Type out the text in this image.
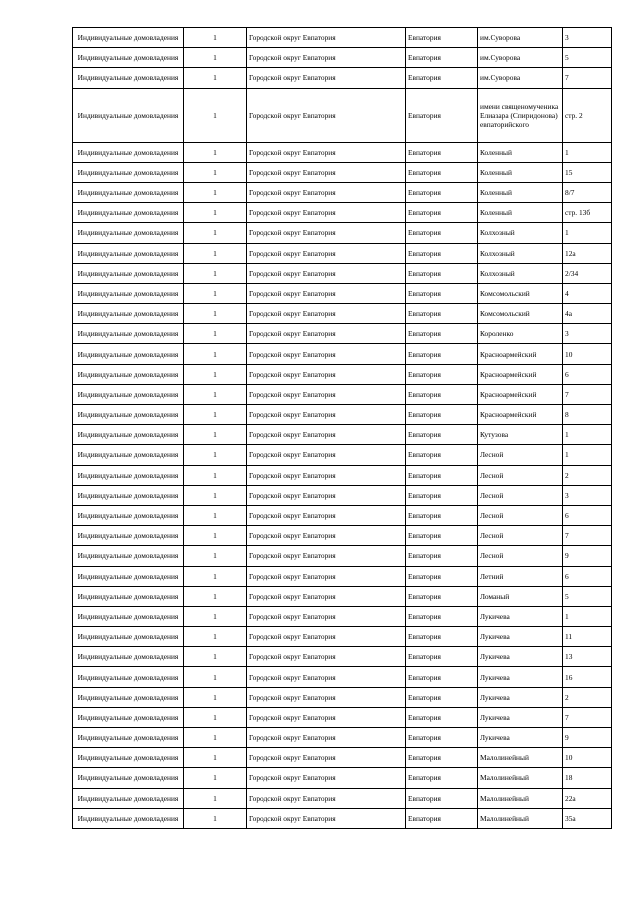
Индивидуальные домовладения	1	Городской округ Евпатория	Евпатория	им.Суворова	3
Индивидуальные домовладения	1	Городской округ Евпатория	Евпатория	им.Суворова	5
Индивидуальные домовладения	1	Городской округ Евпатория	Евпатория	им.Суворова	7
Индивидуальные домовладения	1	Городской округ Евпатория	Евпатория	имени священомученика Елиазара (Спиридонова) евпаторийского	стр. 2
Индивидуальные домовладения	1	Городской округ Евпатория	Евпатория	Коленный	1
Индивидуальные домовладения	1	Городской округ Евпатория	Евпатория	Коленный	15
Индивидуальные домовладения	1	Городской округ Евпатория	Евпатория	Коленный	8/7
Индивидуальные домовладения	1	Городской округ Евпатория	Евпатория	Коленный	стр. 13б
Индивидуальные домовладения	1	Городской округ Евпатория	Евпатория	Колхозный	1
Индивидуальные домовладения	1	Городской округ Евпатория	Евпатория	Колхозный	12а
Индивидуальные домовладения	1	Городской округ Евпатория	Евпатория	Колхозный	2/34
Индивидуальные домовладения	1	Городской округ Евпатория	Евпатория	Комсомольский	4
Индивидуальные домовладения	1	Городской округ Евпатория	Евпатория	Комсомольский	4а
Индивидуальные домовладения	1	Городской округ Евпатория	Евпатория	Короленко	3
Индивидуальные домовладения	1	Городской округ Евпатория	Евпатория	Красноармейский	10
Индивидуальные домовладения	1	Городской округ Евпатория	Евпатория	Красноармейский	6
Индивидуальные домовладения	1	Городской округ Евпатория	Евпатория	Красноармейский	7
Индивидуальные домовладения	1	Городской округ Евпатория	Евпатория	Красноармейский	8
Индивидуальные домовладения	1	Городской округ Евпатория	Евпатория	Кутузова	1
Индивидуальные домовладения	1	Городской округ Евпатория	Евпатория	Лесной	1
Индивидуальные домовладения	1	Городской округ Евпатория	Евпатория	Лесной	2
Индивидуальные домовладения	1	Городской округ Евпатория	Евпатория	Лесной	3
Индивидуальные домовладения	1	Городской округ Евпатория	Евпатория	Лесной	6
Индивидуальные домовладения	1	Городской округ Евпатория	Евпатория	Лесной	7
Индивидуальные домовладения	1	Городской округ Евпатория	Евпатория	Лесной	9
Индивидуальные домовладения	1	Городской округ Евпатория	Евпатория	Летний	6
Индивидуальные домовладения	1	Городской округ Евпатория	Евпатория	Ломаный	5
Индивидуальные домовладения	1	Городской округ Евпатория	Евпатория	Лукичева	1
Индивидуальные домовладения	1	Городской округ Евпатория	Евпатория	Лукичева	11
Индивидуальные домовладения	1	Городской округ Евпатория	Евпатория	Лукичева	13
Индивидуальные домовладения	1	Городской округ Евпатория	Евпатория	Лукичева	16
Индивидуальные домовладения	1	Городской округ Евпатория	Евпатория	Лукичева	2
Индивидуальные домовладения	1	Городской округ Евпатория	Евпатория	Лукичева	7
Индивидуальные домовладения	1	Городской округ Евпатория	Евпатория	Лукичева	9
Индивидуальные домовладения	1	Городской округ Евпатория	Евпатория	Малолинейный	10
Индивидуальные домовладения	1	Городской округ Евпатория	Евпатория	Малолинейный	18
Индивидуальные домовладения	1	Городской округ Евпатория	Евпатория	Малолинейный	22а
Индивидуальные домовладения	1	Городской округ Евпатория	Евпатория	Малолинейный	35а
